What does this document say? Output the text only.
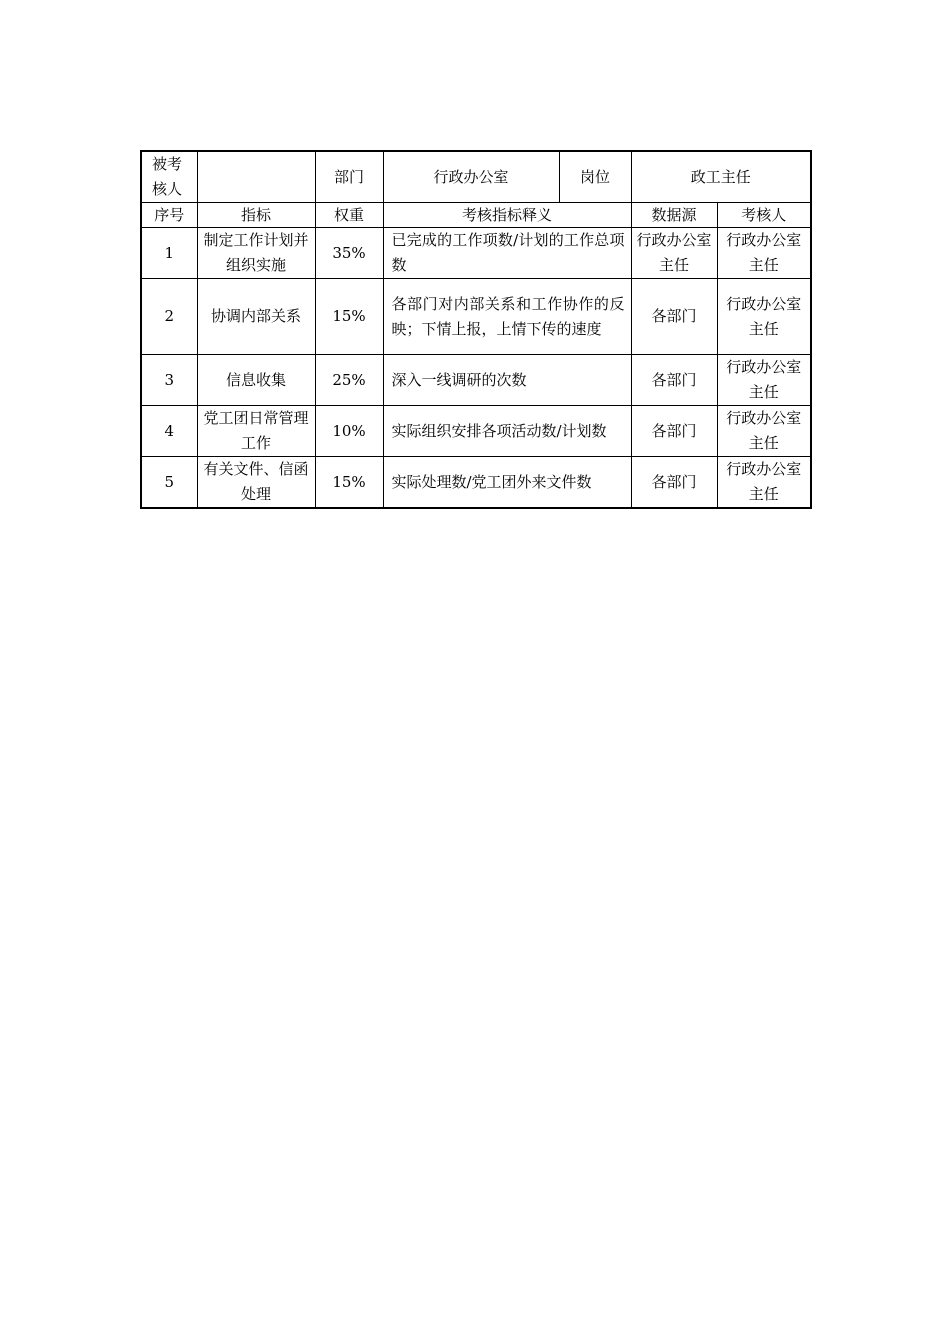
被考核人		部门	行政办公室	岗位	政工主任	
序号	指标	权重	考核指标释义		数据源	考核人
1	制定工作计划并组织实施	35%	已完成的工作项数/计划的工作总项数		行政办公室主任	行政办公室主任
2	协调内部关系	15%	各部门对内部关系和工作协作的反映；下情上报，上情下传的速度		各部门	行政办公室主任
3	信息收集	25%	深入一线调研的次数		各部门	行政办公室主任
4	党工团日常管理工作	10%	实际组织安排各项活动数/计划数		各部门	行政办公室主任
5	有关文件、信函处理	15%	实际处理数/党工团外来文件数		各部门	行政办公室主任
